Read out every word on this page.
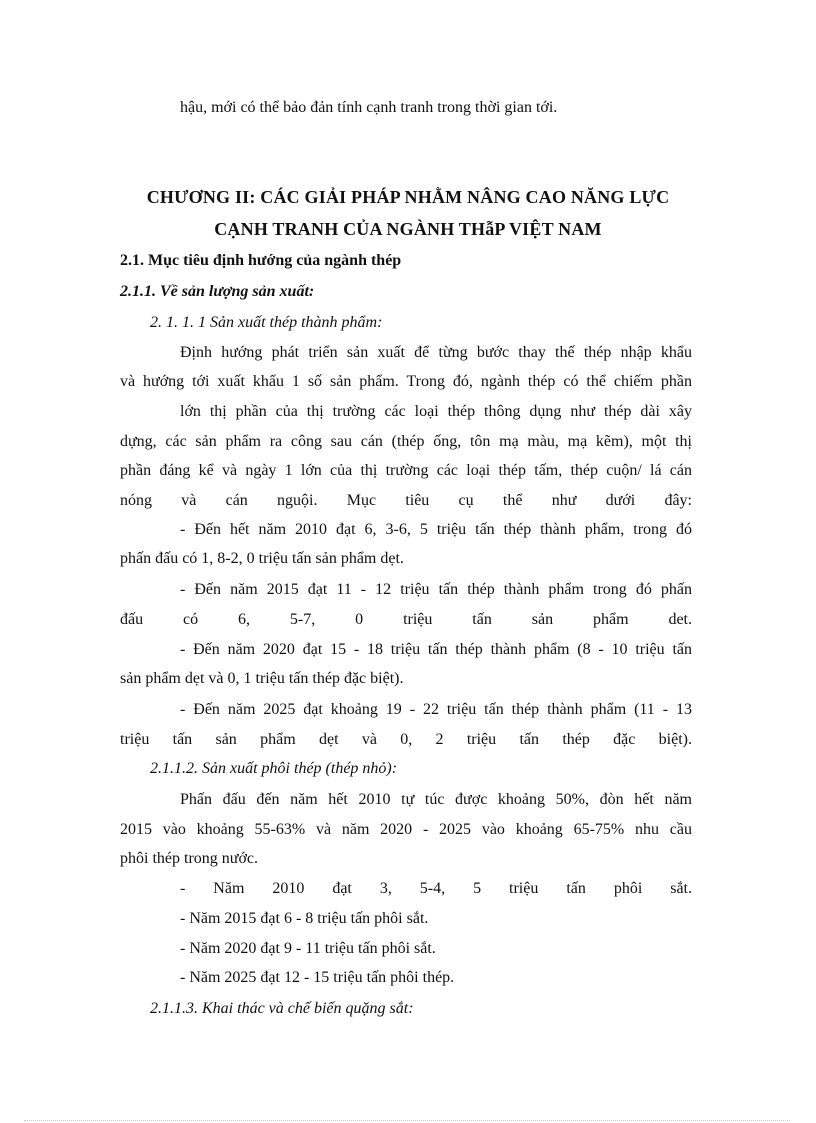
hậu, mới có thể bảo đản tính cạnh tranh trong thời gian tới.
CHƯƠNG II: CÁC GIẢI PHÁP NHẰM NÂNG CAO NĂNG LỰC
CẠNH TRANH CỦA NGÀNH THẫP VIỆT NAM
2.1. Mục tiêu định hướng của ngành thép
2.1.1. Về sản lượng sản xuất:
2. 1. 1. 1 Sản xuất thép thành phẩm:
Định hướng phát triển sản xuất để từng bước thay thế thép nhập khẩu
và hướng tới xuất khẩu 1 số sản phẩm. Trong đó, ngành thép có thể chiếm phần
lớn thị phần của thị trường các loại thép thông dụng như thép dài xây
dựng, các sản phẩm ra công sau cán (thép ống, tôn mạ màu, mạ kẽm), một thị
phần đáng kể và ngày 1 lớn của thị trường các loại thép tấm, thép cuộn/ lá cán
nóng và cán nguội. Mục tiêu cụ thể như dưới đây:
- Đến hết năm 2010 đạt 6, 3-6, 5 triệu tấn thép thành phẩm, trong đó
phấn đấu có 1, 8-2, 0 triệu tấn sản phẩm dẹt.
- Đến năm 2015 đạt 11 - 12 triệu tấn thép thành phẩm trong đó phấn
đấu có 6, 5-7, 0 triệu tấn sản phẩm det.
- Đến năm 2020 đạt 15 - 18 triệu tấn thép thành phẩm (8 - 10 triệu tấn
sản phẩm dẹt và 0, 1 triệu tấn thép đặc biệt).
- Đến năm 2025 đạt khoảng 19 - 22 triệu tấn thép thành phẩm (11 - 13
triệu tấn sản phẩm dẹt và 0, 2 triệu tấn thép đặc biệt).
2.1.1.2. Sản xuất phôi thép (thép nhỏ):
Phấn đấu đến năm hết 2010 tự túc được khoảng 50%, đòn hết năm
2015 vào khoảng 55-63% và năm 2020 - 2025 vào khoảng 65-75% nhu cầu
phôi thép trong nước.
- Năm 2010 đạt 3, 5-4, 5 triệu tấn phôi sắt.
- Năm 2015 đạt 6 - 8 triệu tấn phôi sắt.
- Năm 2020 đạt 9 - 11 triệu tấn phôi sắt.
- Năm 2025 đạt 12 - 15 triệu tấn phôi thép.
2.1.1.3. Khai thác và chế biến quặng sắt:
